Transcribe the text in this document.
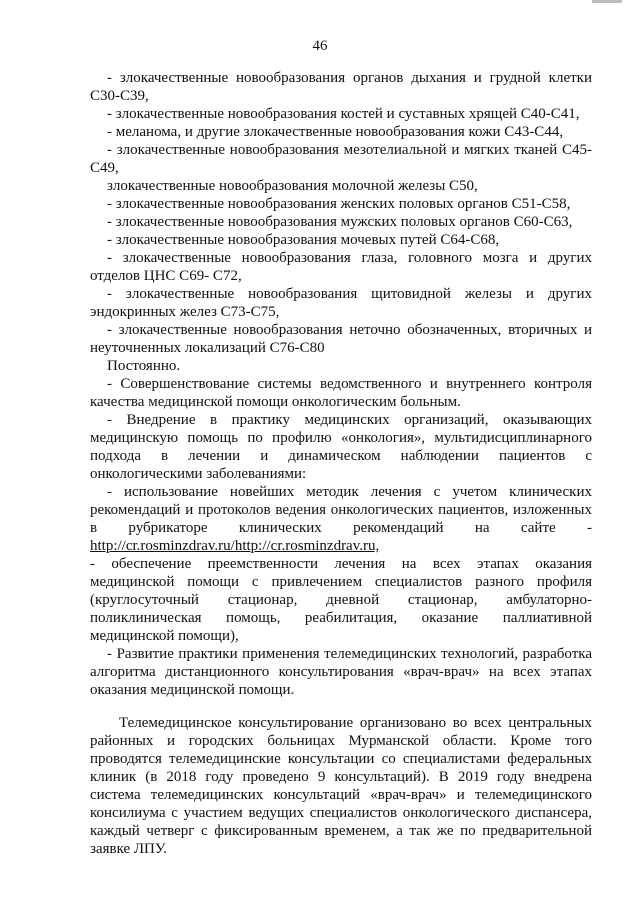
46
- злокачественные новообразования органов дыхания и грудной клетки
С30-С39,
- злокачественные новообразования костей и суставных хрящей С40-С41,
- меланома, и другие злокачественные новообразования кожи С43-С44,
- злокачественные новообразования мезотелиальной и мягких тканей С45-
С49,
злокачественные новообразования молочной железы С50,
- злокачественные новообразования женских половых органов С51-С58,
- злокачественные новообразования мужских половых органов С60-С63,
- злокачественные новообразования мочевых путей С64-С68,
- злокачественные новообразования глаза, головного мозга и других
отделов ЦНС С69- С72,
- злокачественные новообразования щитовидной железы и других
эндокринных желез С73-С75,
- злокачественные новообразования неточно обозначенных, вторичных и
неуточненных локализаций С76-С80
Постоянно.
- Совершенствование системы ведомственного и внутреннего контроля
качества медицинской помощи онкологическим больным.
- Внедрение в практику медицинских организаций, оказывающих
медицинскую помощь по профилю «онкология», мультидисциплинарного
подхода в лечении и динамическом наблюдении пациентов с
онкологическими заболеваниями:
- использование новейших методик лечения с учетом клинических
рекомендаций и протоколов ведения онкологических пациентов, изложенных
в рубрикаторе клинических рекомендаций на сайте -
http://cr.rosminzdrav.ru/http://cr.rosminzdrav.ru,
- обеспечение преемственности лечения на всех этапах оказания
медицинской помощи с привлечением специалистов разного профиля
(круглосуточный стационар, дневной стационар, амбулаторно-
поликлиническая помощь, реабилитация, оказание паллиативной
медицинской помощи),
- Развитие практики применения телемедицинских технологий, разработка
алгоритма дистанционного консультирования «врач-врач» на всех этапах
оказания медицинской помощи.
Телемедицинское консультирование организовано во всех центральных
районных и городских больницах Мурманской области. Кроме того
проводятся телемедицинские консультации со специалистами федеральных
клиник (в 2018 году проведено 9 консультаций). В 2019 году внедрена
система телемедицинских консультаций «врач-врач» и телемедицинского
консилиума с участием ведущих специалистов онкологического диспансера,
каждый четверг с фиксированным временем, а так же по предварительной
заявке ЛПУ.
